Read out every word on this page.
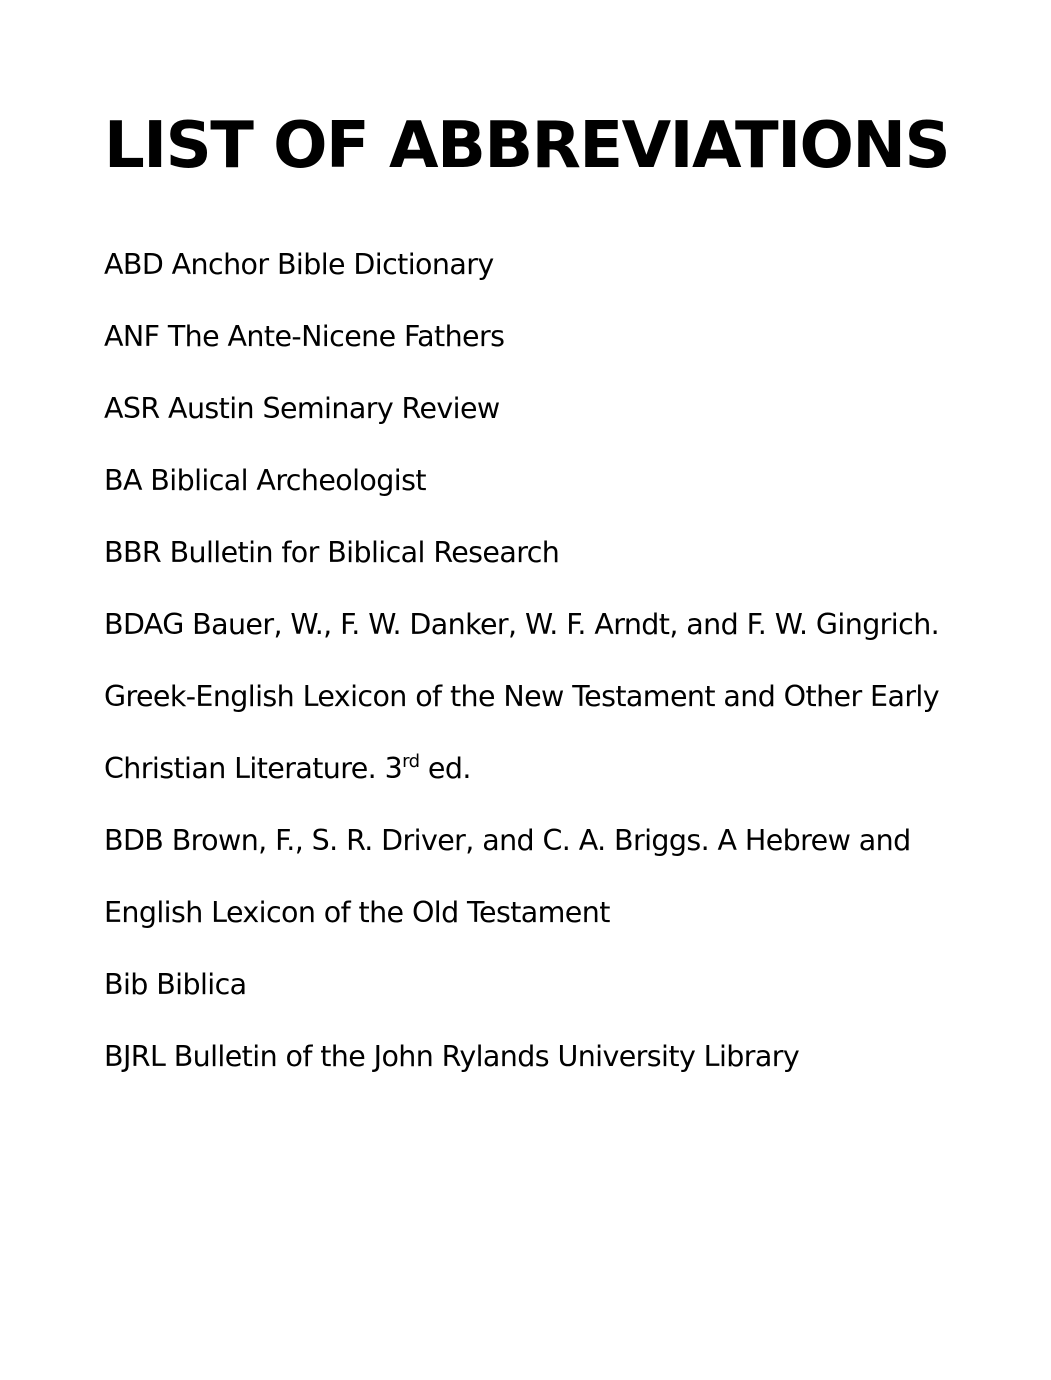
LIST OF ABBREVIATIONS

ABD Anchor Bible Dictionary

ANF The Ante-Nicene Fathers

ASR Austin Seminary Review

BA Biblical Archeologist

BBR Bulletin for Biblical Research

BDAG Bauer, W., F. W. Danker, W. F. Arndt, and F. W. Gingrich.

Greek-English Lexicon of the New Testament and Other Early

Christian Literature. 3rd ed.

BDB Brown, F., S. R. Driver, and C. A. Briggs. A Hebrew and

English Lexicon of the Old Testament

Bib Biblica

BJRL Bulletin of the John Rylands University Library
